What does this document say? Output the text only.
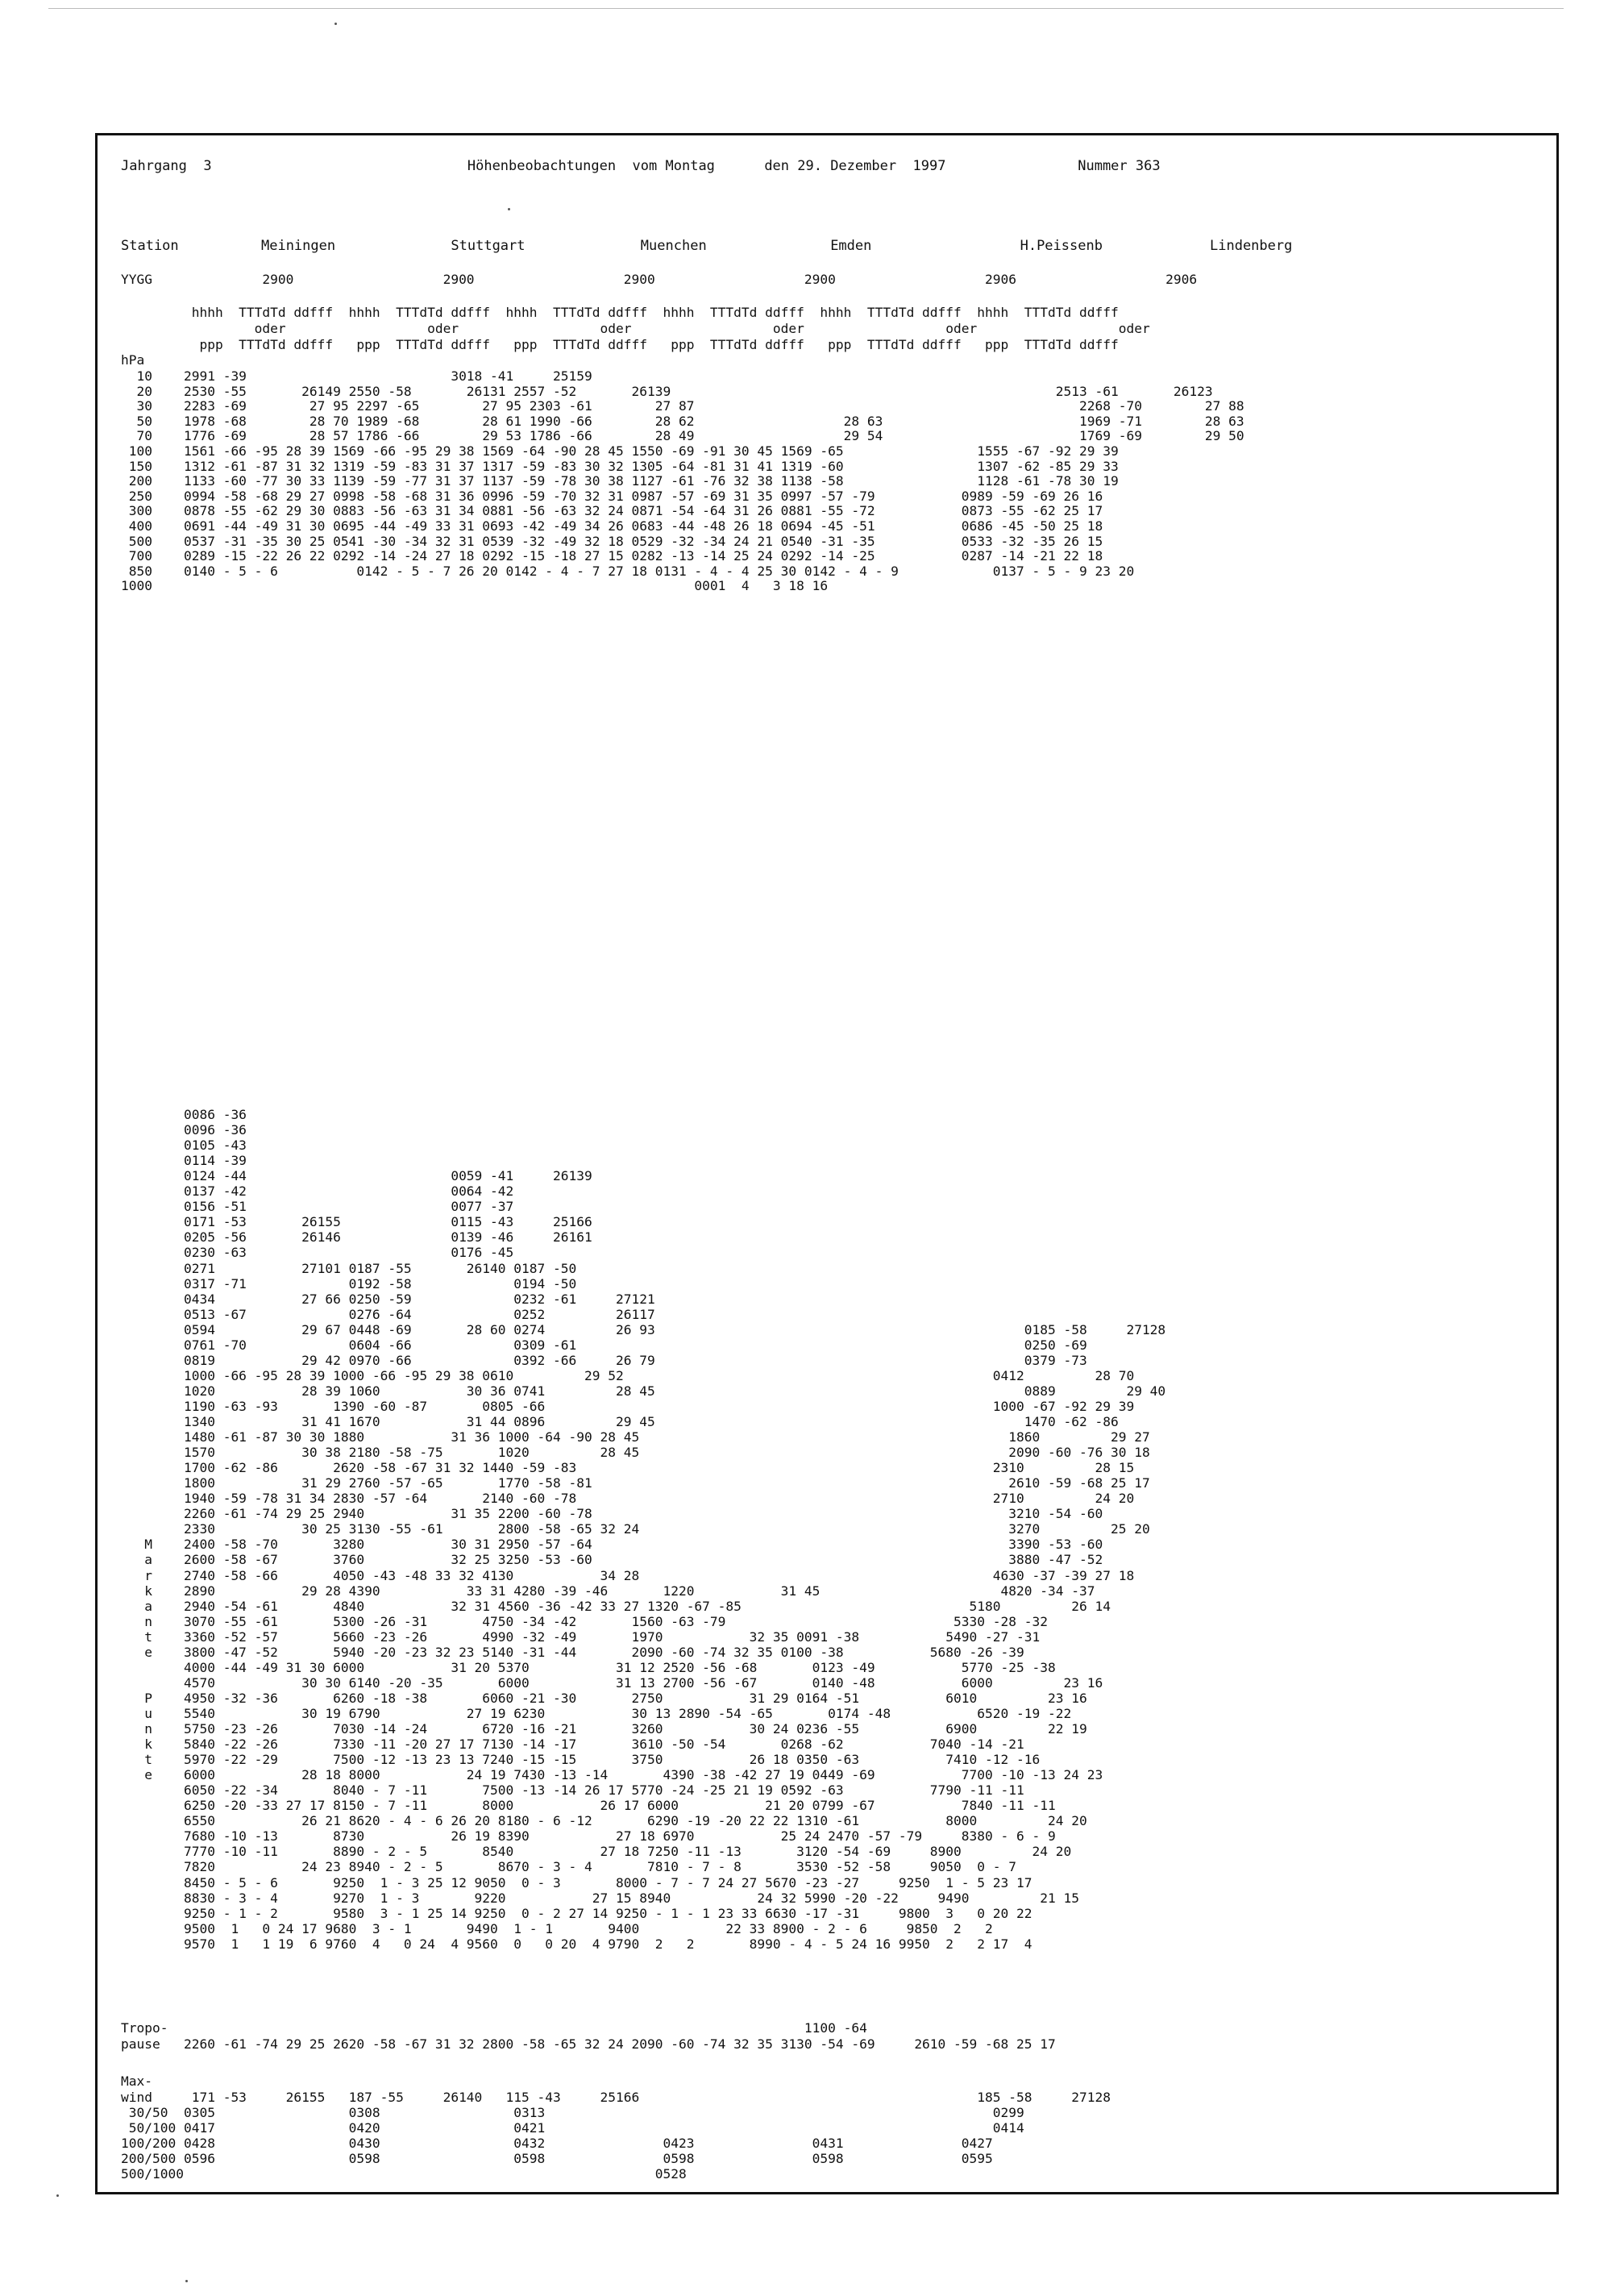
Jahrgang  3                               Höhenbeobachtungen  vom Montag      den 29. Dezember  1997                Nummer 363

Station          Meiningen              Stuttgart              Muenchen               Emden                  H.Peissenb             Lindenberg

YYGG              2900                   2900                   2900                   2900                   2906                   2906

hhhh  TTTdTd ddfff  hhhh  TTTdTd ddfff  hhhh  TTTdTd ddfff  hhhh  TTTdTd ddfff  hhhh  TTTdTd ddfff  hhhh  TTTdTd ddfff

oder                  oder                  oder                  oder                  oder                  oder

ppp  TTTdTd ddfff   ppp  TTTdTd ddfff   ppp  TTTdTd ddfff   ppp  TTTdTd ddfff   ppp  TTTdTd ddfff   ppp  TTTdTd ddfff

hPa

10    2991 -39                          3018 -41     25159

20    2530 -55       26149 2550 -58       26131 2557 -52       26139                                                 2513 -61       26123

30    2283 -69        27 95 2297 -65        27 95 2303 -61        27 87                                                 2268 -70        27 88

50    1978 -68        28 70 1989 -68        28 61 1990 -66        28 62                   28 63                         1969 -71        28 63

70    1776 -69        28 57 1786 -66        29 53 1786 -66        28 49                   29 54                         1769 -69        29 50

100    1561 -66 -95 28 39 1569 -66 -95 29 38 1569 -64 -90 28 45 1550 -69 -91 30 45 1569 -65                 1555 -67 -92 29 39

150    1312 -61 -87 31 32 1319 -59 -83 31 37 1317 -59 -83 30 32 1305 -64 -81 31 41 1319 -60                 1307 -62 -85 29 33

200    1133 -60 -77 30 33 1139 -59 -77 31 37 1137 -59 -78 30 38 1127 -61 -76 32 38 1138 -58                 1128 -61 -78 30 19

250    0994 -58 -68 29 27 0998 -58 -68 31 36 0996 -59 -70 32 31 0987 -57 -69 31 35 0997 -57 -79           0989 -59 -69 26 16

300    0878 -55 -62 29 30 0883 -56 -63 31 34 0881 -56 -63 32 24 0871 -54 -64 31 26 0881 -55 -72           0873 -55 -62 25 17

400    0691 -44 -49 31 30 0695 -44 -49 33 31 0693 -42 -49 34 26 0683 -44 -48 26 18 0694 -45 -51           0686 -45 -50 25 18

500    0537 -31 -35 30 25 0541 -30 -34 32 31 0539 -32 -49 32 18 0529 -32 -34 24 21 0540 -31 -35           0533 -32 -35 26 15

700    0289 -15 -22 26 22 0292 -14 -24 27 18 0292 -15 -18 27 15 0282 -13 -14 25 24 0292 -14 -25           0287 -14 -21 22 18

850    0140 - 5 - 6          0142 - 5 - 7 26 20 0142 - 4 - 7 27 18 0131 - 4 - 4 25 30 0142 - 4 - 9            0137 - 5 - 9 23 20

1000                                                                     0001  4   3 18 16

0086 -36

0096 -36

0105 -43

0114 -39

0124 -44                          0059 -41     26139

0137 -42                          0064 -42

0156 -51                          0077 -37

0171 -53       26155              0115 -43     25166

0205 -56       26146              0139 -46     26161

0230 -63                          0176 -45

0271           27101 0187 -55       26140 0187 -50

0317 -71             0192 -58             0194 -50

0434           27 66 0250 -59             0232 -61     27121

0513 -67             0276 -64             0252         26117

0594           29 67 0448 -69       28 60 0274         26 93                                               0185 -58     27128

0761 -70             0604 -66             0309 -61                                                         0250 -69

0819           29 42 0970 -66             0392 -66     26 79                                               0379 -73

1000 -66 -95 28 39 1000 -66 -95 29 38 0610         29 52                                               0412         28 70

1020           28 39 1060           30 36 0741         28 45                                               0889         29 40

1190 -63 -93       1390 -60 -87       0805 -66                                                         1000 -67 -92 29 39

1340           31 41 1670           31 44 0896         29 45                                               1470 -62 -86

1480 -61 -87 30 30 1880           31 36 1000 -64 -90 28 45                                               1860         29 27

1570           30 38 2180 -58 -75       1020         28 45                                               2090 -60 -76 30 18

1700 -62 -86       2620 -58 -67 31 32 1440 -59 -83                                                     2310         28 15

1800           31 29 2760 -57 -65       1770 -58 -81                                                     2610 -59 -68 25 17

1940 -59 -78 31 34 2830 -57 -64       2140 -60 -78                                                     2710         24 20

2260 -61 -74 29 25 2940           31 35 2200 -60 -78                                                     3210 -54 -60

2330           30 25 3130 -55 -61       2800 -58 -65 32 24                                               3270         25 20

M    2400 -58 -70       3280           30 31 2950 -57 -64                                                     3390 -53 -60

a    2600 -58 -67       3760           32 25 3250 -53 -60                                                     3880 -47 -52

r    2740 -58 -66       4050 -43 -48 33 32 4130           34 28                                             4630 -37 -39 27 18

k    2890           29 28 4390           33 31 4280 -39 -46       1220           31 45                       4820 -34 -37

a    2940 -54 -61       4840           32 31 4560 -36 -42 33 27 1320 -67 -85                             5180         26 14

n    3070 -55 -61       5300 -26 -31       4750 -34 -42       1560 -63 -79                             5330 -28 -32

t    3360 -52 -57       5660 -23 -26       4990 -32 -49       1970           32 35 0091 -38           5490 -27 -31

e    3800 -47 -52       5940 -20 -23 32 23 5140 -31 -44       2090 -60 -74 32 35 0100 -38           5680 -26 -39

4000 -44 -49 31 30 6000           31 20 5370           31 12 2520 -56 -68       0123 -49           5770 -25 -38

4570           30 30 6140 -20 -35       6000           31 13 2700 -56 -67       0140 -48           6000         23 16

P    4950 -32 -36       6260 -18 -38       6060 -21 -30       2750           31 29 0164 -51           6010         23 16

u    5540           30 19 6790           27 19 6230           30 13 2890 -54 -65       0174 -48           6520 -19 -22

n    5750 -23 -26       7030 -14 -24       6720 -16 -21       3260           30 24 0236 -55           6900         22 19

k    5840 -22 -26       7330 -11 -20 27 17 7130 -14 -17       3610 -50 -54       0268 -62           7040 -14 -21

t    5970 -22 -29       7500 -12 -13 23 13 7240 -15 -15       3750           26 18 0350 -63           7410 -12 -16

e    6000           28 18 8000           24 19 7430 -13 -14       4390 -38 -42 27 19 0449 -69           7700 -10 -13 24 23

6050 -22 -34       8040 - 7 -11       7500 -13 -14 26 17 5770 -24 -25 21 19 0592 -63           7790 -11 -11

6250 -20 -33 27 17 8150 - 7 -11       8000           26 17 6000           21 20 0799 -67           7840 -11 -11

6550           26 21 8620 - 4 - 6 26 20 8180 - 6 -12       6290 -19 -20 22 22 1310 -61           8000         24 20

7680 -10 -13       8730           26 19 8390           27 18 6970           25 24 2470 -57 -79     8380 - 6 - 9

7770 -10 -11       8890 - 2 - 5       8540           27 18 7250 -11 -13       3120 -54 -69     8900         24 20

7820           24 23 8940 - 2 - 5       8670 - 3 - 4       7810 - 7 - 8       3530 -52 -58     9050  0 - 7

8450 - 5 - 6       9250  1 - 3 25 12 9050  0 - 3       8000 - 7 - 7 24 27 5670 -23 -27     9250  1 - 5 23 17

8830 - 3 - 4       9270  1 - 3       9220           27 15 8940           24 32 5990 -20 -22     9490         21 15

9250 - 1 - 2       9580  3 - 1 25 14 9250  0 - 2 27 14 9250 - 1 - 1 23 33 6630 -17 -31     9800  3   0 20 22

9500  1   0 24 17 9680  3 - 1       9490  1 - 1       9400           22 33 8900 - 2 - 6     9850  2   2

9570  1   1 19  6 9760  4   0 24  4 9560  0   0 20  4 9790  2   2       8990 - 4 - 5 24 16 9950  2   2 17  4

Tropo-                                                                                 1100 -64

pause   2260 -61 -74 29 25 2620 -58 -67 31 32 2800 -58 -65 32 24 2090 -60 -74 32 35 3130 -54 -69     2610 -59 -68 25 17

Max-

wind     171 -53     26155   187 -55     26140   115 -43     25166                                           185 -58     27128

30/50  0305                 0308                 0313                                                         0299

50/100 0417                 0420                 0421                                                         0414

100/200 0428                 0430                 0432               0423               0431               0427

200/500 0596                 0598                 0598               0598               0598               0595

500/1000                                                            0528
